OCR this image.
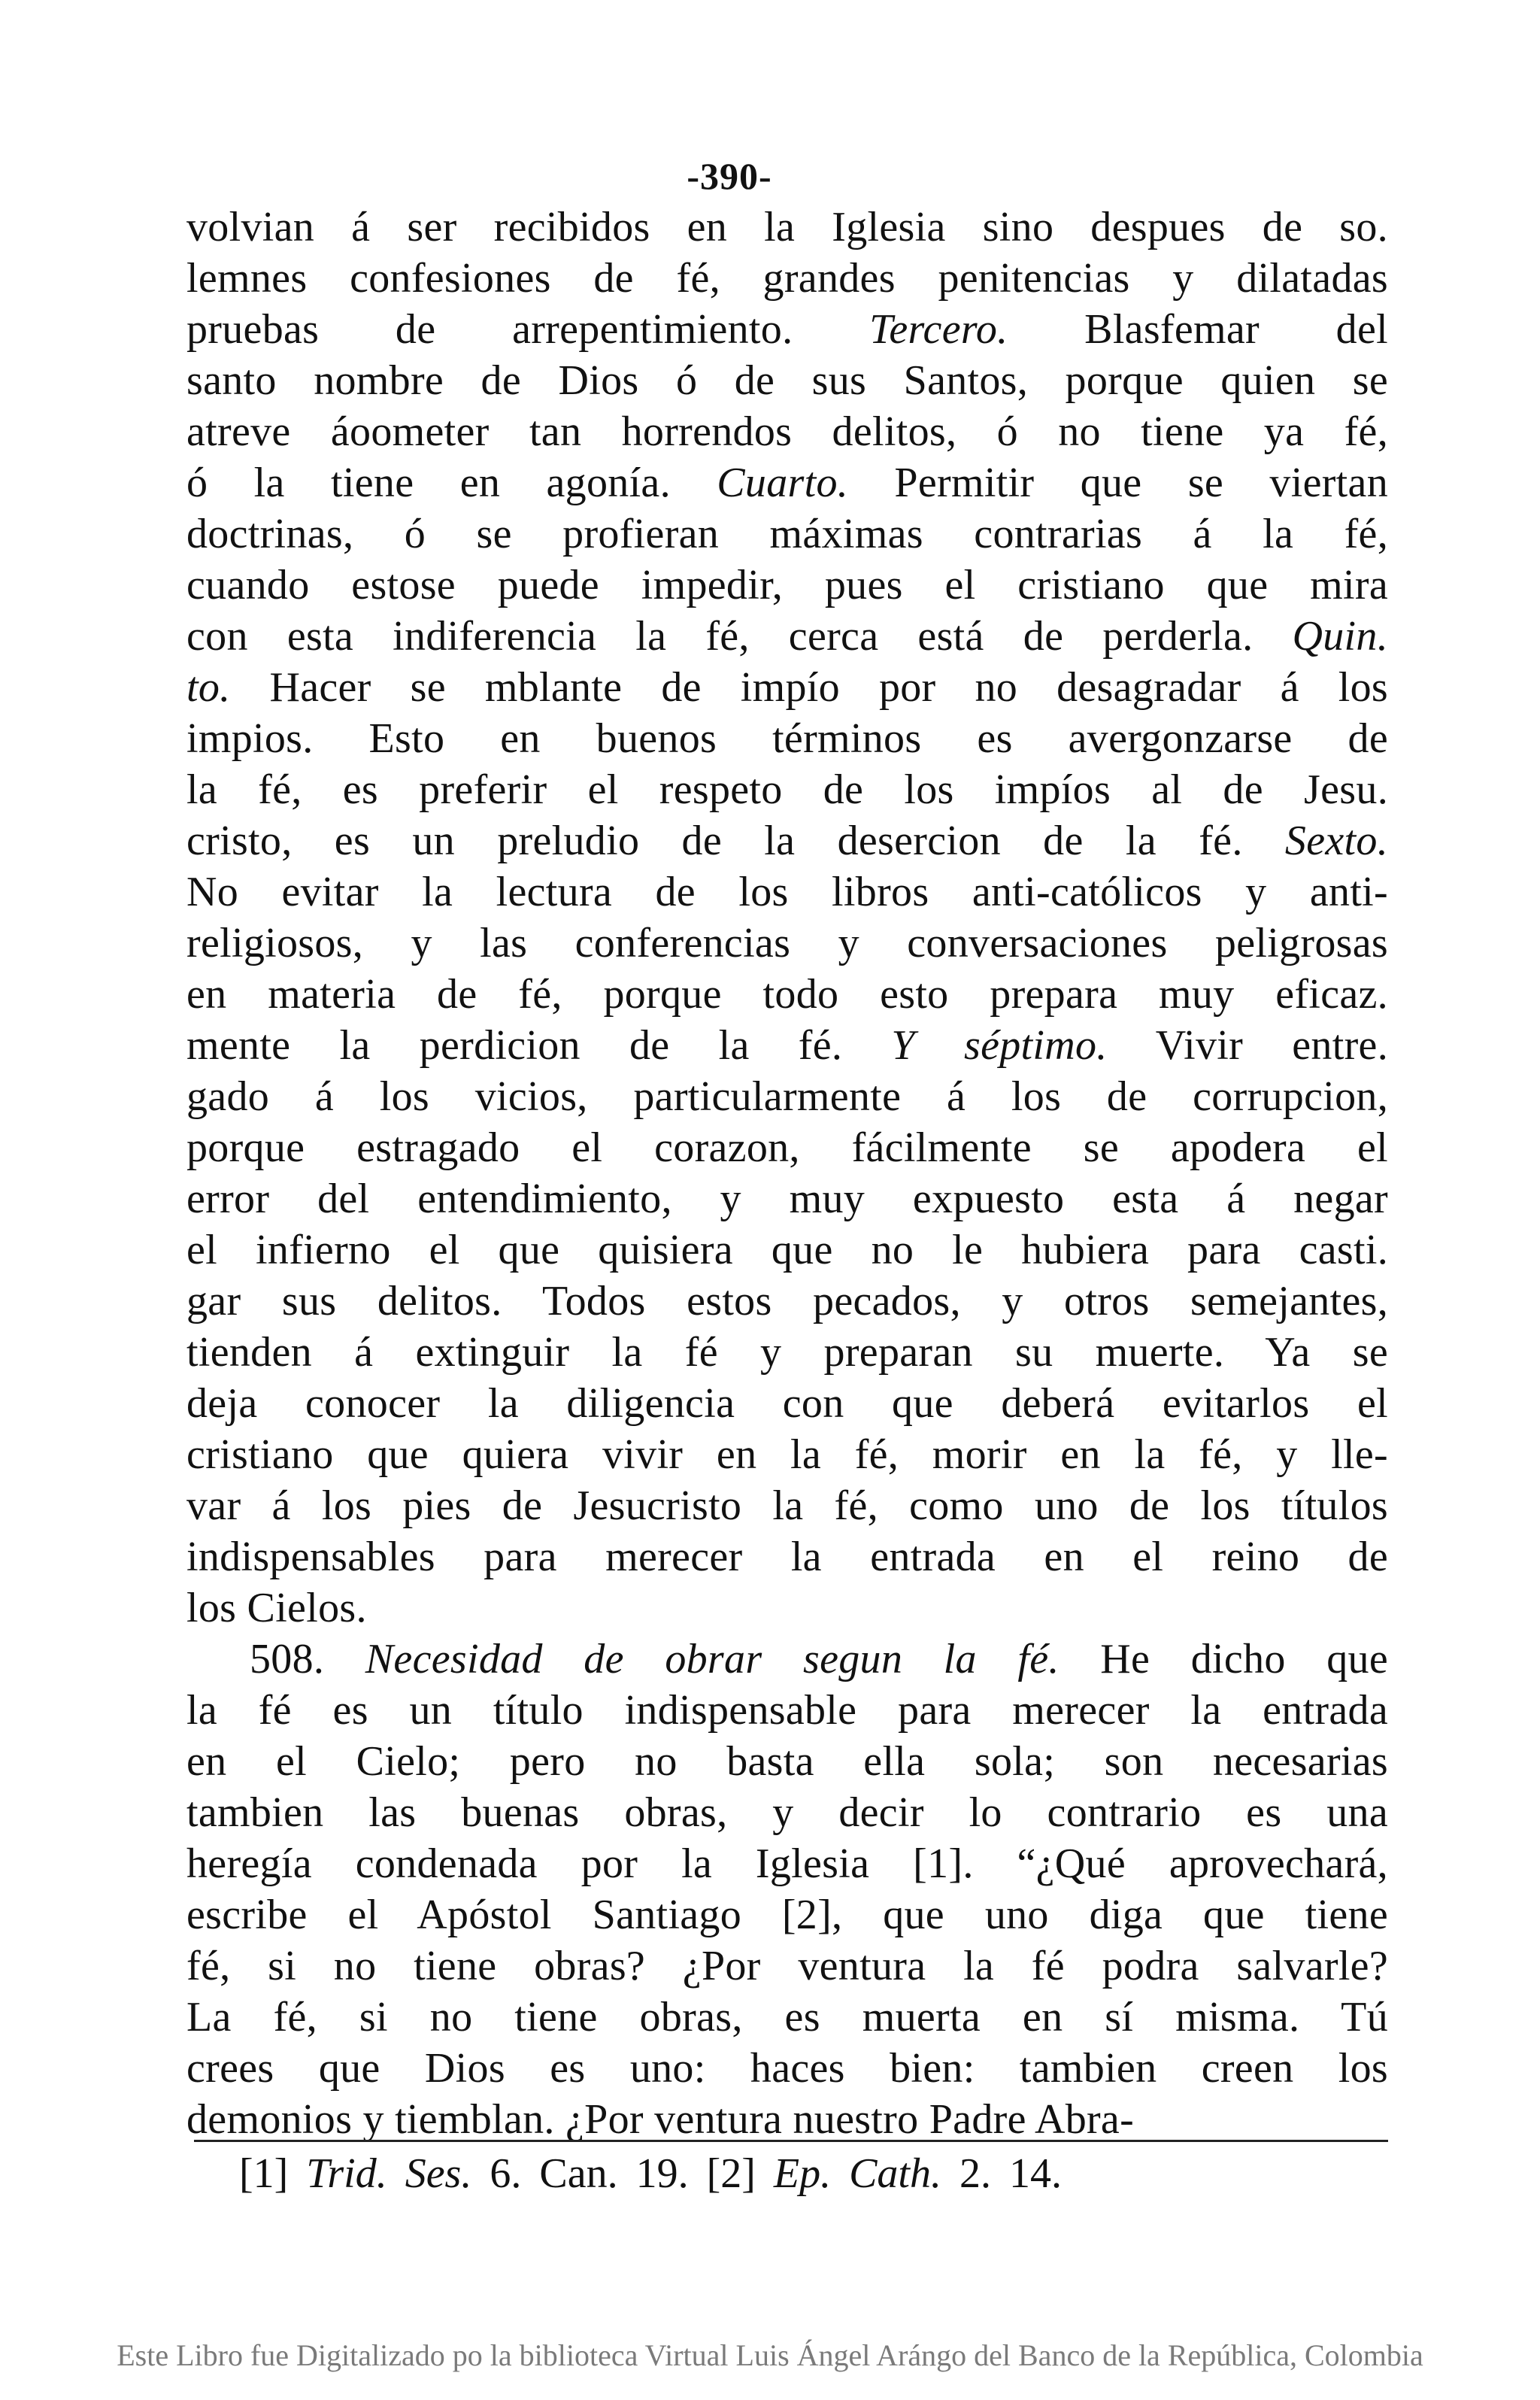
-390-
volvian á ser recibidos en la Iglesia sino despues de so.
lemnes confesiones de fé, grandes penitencias y dilatadas
pruebas de arrepentimiento. Tercero. Blasfemar del
santo nombre de Dios ó de sus Santos, porque quien se
atreve áoometer tan horrendos delitos, ó no tiene ya fé,
ó la tiene en agonía. Cuarto. Permitir que se viertan
doctrinas, ó se profieran máximas contrarias á la fé,
cuando estose puede impedir, pues el cristiano que mira
con esta indiferencia la fé, cerca está de perderla. Quin.
to. Hacer se mblante de impío por no desagradar á los
impios. Esto en buenos términos es avergonzarse de
la fé, es preferir el respeto de los impíos al de Jesu.
cristo, es un preludio de la desercion de la fé. Sexto.
No evitar la lectura de los libros anti-católicos y anti-
religiosos, y las conferencias y conversaciones peligrosas
en materia de fé, porque todo esto prepara muy eficaz.
mente la perdicion de la fé. Y séptimo. Vivir entre.
gado á los vicios, particularmente á los de corrupcion,
porque estragado el corazon, fácilmente se apodera el
error del entendimiento, y muy expuesto esta á negar
el infierno el que quisiera que no le hubiera para casti.
gar sus delitos. Todos estos pecados, y otros semejantes,
tienden á extinguir la fé y preparan su muerte. Ya se
deja conocer la diligencia con que deberá evitarlos el
cristiano que quiera vivir en la fé, morir en la fé, y lle-
var á los pies de Jesucristo la fé, como uno de los títulos
indispensables para merecer la entrada en el reino de
los Cielos.
508. Necesidad de obrar segun la fé. He dicho que
la fé es un título indispensable para merecer la entrada
en el Cielo; pero no basta ella sola; son necesarias
tambien las buenas obras, y decir lo contrario es una
heregía condenada por la Iglesia [1]. “¿Qué aprovechará,
escribe el Apóstol Santiago [2], que uno diga que tiene
fé, si no tiene obras? ¿Por ventura la fé podra salvarle?
La fé, si no tiene obras, es muerta en sí misma. Tú
crees que Dios es uno: haces bien: tambien creen los
demonios y tiemblan. ¿Por ventura nuestro Padre Abra-
[1] Trid. Ses. 6. Can. 19. [2] Ep. Cath. 2. 14.
Este Libro fue Digitalizado po la biblioteca Virtual Luis Ángel Arángo del Banco de la República, Colombia
